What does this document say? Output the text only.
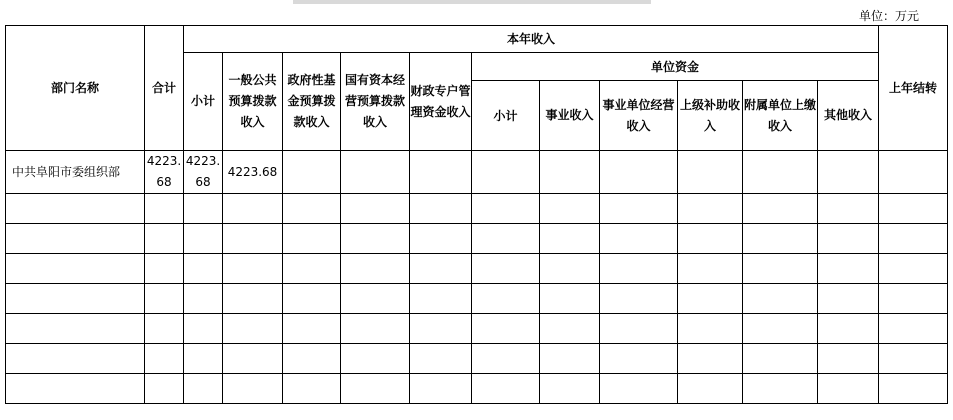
单位：万元
部门名称	合计	本年收入											上年结转
		小计	一般公共预算拨款收入	政府性基金预算拨款收入	国有资本经营预算拨款收入	财政专户管理资金收入	单位资金						
							小计	事业收入	事业单位经营收入	上级补助收入	附属单位上缴收入	其他收入	
中共阜阳市委组织部	4223.68	4223.68	4223.68										
